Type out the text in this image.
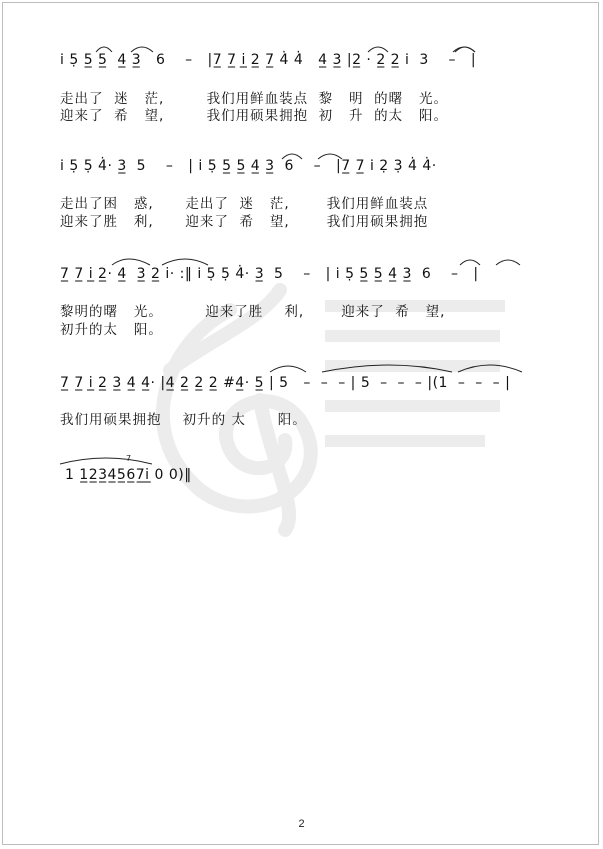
i̇ 5̣ 5̲ 5̲  4̲ 3̲   6    –   |7̲ 7̲ i̲ 2̲ 7̲ 4̇ 4̇   4̲ 3̲ |2̲ · 2̲ 2̲ i̇  3    –   |
走出了  迷   茫,        我们用鲜血装点  黎   明  的曙   光。
迎来了  希   望,        我们用硕果拥抱  初   升  的太   阳。
i̇ 5̣ 5̣ 4̇· 3̲  5    –   | i̇ 5̣ 5̲ 5̲ 4̲ 3̲  6    –   |7̲ 7̲ i̇ 2̣ 3̣ 4̇ 4̇·
走出了困   惑,      走出了  迷   茫,       我们用鲜血装点
迎来了胜   利,      迎来了  希   望,       我们用硕果拥抱
7̲ 7̲ i̲ 2̲· 4̲  3̲ 2̲ i· :‖ i̇ 5̣ 5̣ 4̇· 3̲  5    –   | i̇ 5̣ 5̲ 5̲ 4̲ 3̲  6    –   |
黎明的曙   光。        迎来了胜    利,       迎来了  希   望,
初升的太   阳。
7̲ 7̲ i̲ 2̲ 3̲ 4̲ 4̲· |4̲ 2̲ 2̲ 2̲ #4̲· 5̲ | 5   –  –  – | 5  –  –  – |(1  –  –  – |
我们用硕果拥抱    初升的 太      阳。
7
1 1̲2̲3̲4̲5̲6̲7̲i̲ 0 0)‖
2
